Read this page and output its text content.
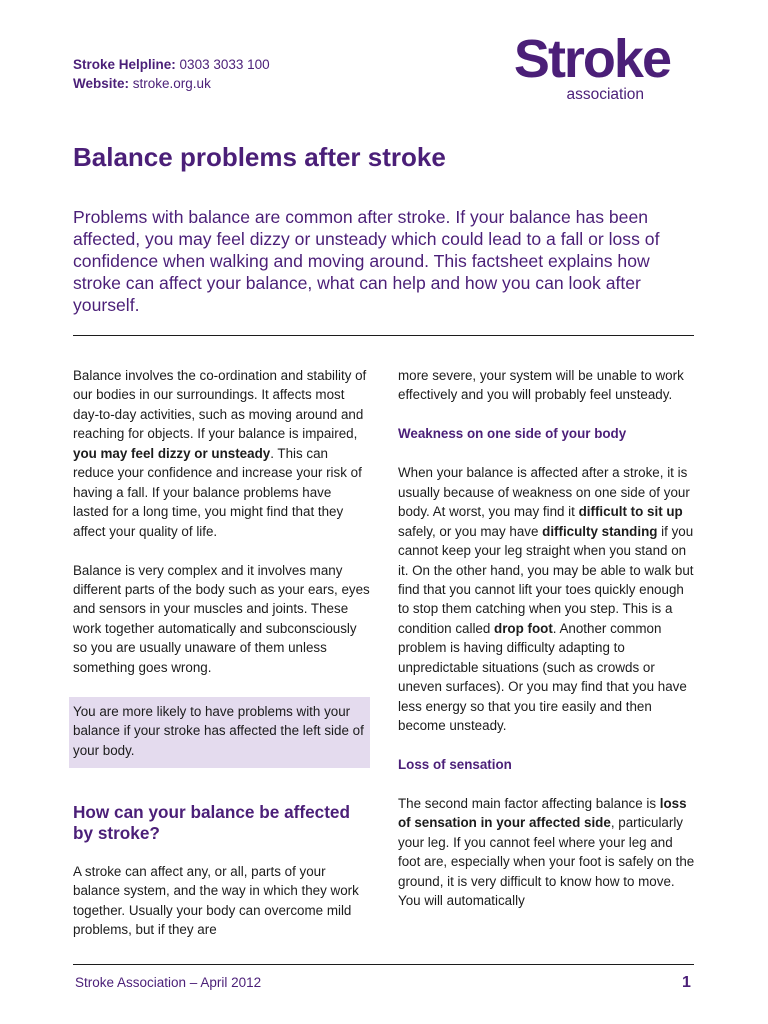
Stroke Helpline: 0303 3033 100
Website: stroke.org.uk	Stroke
association
Balance problems after stroke

Problems with balance are common after stroke. If your balance has been affected, you may feel dizzy or unsteady which could lead to a fall or loss of confidence when walking and moving around. This factsheet explains how stroke can affect your balance, what can help and how you can look after yourself.

Balance involves the co-ordination and stability of our bodies in our surroundings. It affects most day-to-day activities, such as moving around and reaching for objects. If your balance is impaired, you may feel dizzy or unsteady. This can reduce your confidence and increase your risk of having a fall. If your balance problems have lasted for a long time, you might find that they affect your quality of life.

Balance is very complex and it involves many different parts of the body such as your ears, eyes and sensors in your muscles and joints. These work together automatically and subconsciously so you are usually unaware of them unless something goes wrong.

You are more likely to have problems with your balance if your stroke has affected the left side of your body.

How can your balance be affected by stroke?

A stroke can affect any, or all, parts of your balance system, and the way in which they work together. Usually your body can overcome mild problems, but if they are

more severe, your system will be unable to work effectively and you will probably feel unsteady.

Weakness on one side of your body

When your balance is affected after a stroke, it is usually because of weakness on one side of your body. At worst, you may find it difficult to sit up safely, or you may have difficulty standing if you cannot keep your leg straight when you stand on it. On the other hand, you may be able to walk but find that you cannot lift your toes quickly enough to stop them catching when you step. This is a condition called drop foot. Another common problem is having difficulty adapting to unpredictable situations (such as crowds or uneven surfaces). Or you may find that you have less energy so that you tire easily and then become unsteady.

Loss of sensation

The second main factor affecting balance is loss of sensation in your affected side, particularly your leg. If you cannot feel where your leg and foot are, especially when your foot is safely on the ground, it is very difficult to know how to move. You will automatically

Stroke Association – April 2012	1
